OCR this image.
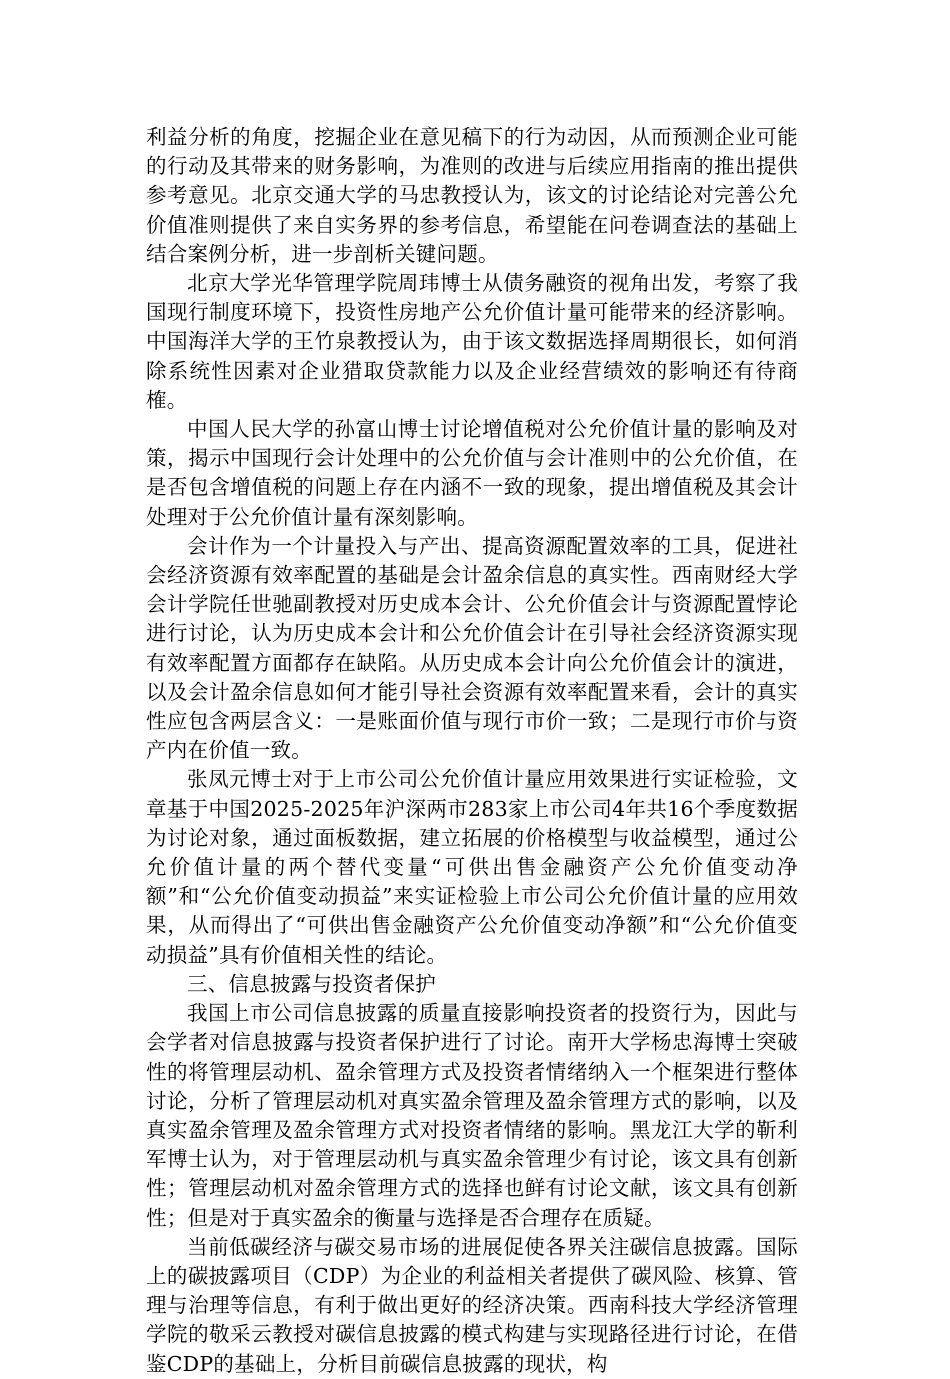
利益分析的角度，挖掘企业在意见稿下的行为动因，从而预测企业可能的行动及其带来的财务影响，为准则的改进与后续应用指南的推出提供参考意见。北京交通大学的马忠教授认为，该文的讨论结论对完善公允价值准则提供了来自实务界的参考信息，希望能在问卷调查法的基础上结合案例分析，进一步剖析关键问题。

北京大学光华管理学院周玮博士从债务融资的视角出发，考察了我国现行制度环境下，投资性房地产公允价值计量可能带来的经济影响。中国海洋大学的王竹泉教授认为，由于该文数据选择周期很长，如何消除系统性因素对企业猎取贷款能力以及企业经营绩效的影响还有待商榷。

中国人民大学的孙富山博士讨论增值税对公允价值计量的影响及对策，揭示中国现行会计处理中的公允价值与会计准则中的公允价值，在是否包含增值税的问题上存在内涵不一致的现象，提出增值税及其会计处理对于公允价值计量有深刻影响。

会计作为一个计量投入与产出、提高资源配置效率的工具，促进社会经济资源有效率配置的基础是会计盈余信息的真实性。西南财经大学会计学院任世驰副教授对历史成本会计、公允价值会计与资源配置悖论进行讨论，认为历史成本会计和公允价值会计在引导社会经济资源实现有效率配置方面都存在缺陷。从历史成本会计向公允价值会计的演进，以及会计盈余信息如何才能引导社会资源有效率配置来看，会计的真实性应包含两层含义：一是账面价值与现行市价一致；二是现行市价与资产内在价值一致。

张凤元博士对于上市公司公允价值计量应用效果进行实证检验，文章基于中国2025-2025年沪深两市283家上市公司4年共16个季度数据为讨论对象，通过面板数据，建立拓展的价格模型与收益模型，通过公允价值计量的两个替代变量“可供出售金融资产公允价值变动净额”和“公允价值变动损益”来实证检验上市公司公允价值计量的应用效果，从而得出了“可供出售金融资产公允价值变动净额”和“公允价值变动损益”具有价值相关性的结论。

三、信息披露与投资者保护

我国上市公司信息披露的质量直接影响投资者的投资行为，因此与会学者对信息披露与投资者保护进行了讨论。南开大学杨忠海博士突破性的将管理层动机、盈余管理方式及投资者情绪纳入一个框架进行整体讨论，分析了管理层动机对真实盈余管理及盈余管理方式的影响，以及真实盈余管理及盈余管理方式对投资者情绪的影响。黑龙江大学的靳利军博士认为，对于管理层动机与真实盈余管理少有讨论，该文具有创新性；管理层动机对盈余管理方式的选择也鲜有讨论文献，该文具有创新性；但是对于真实盈余的衡量与选择是否合理存在质疑。

当前低碳经济与碳交易市场的进展促使各界关注碳信息披露。国际上的碳披露项目（CDP）为企业的利益相关者提供了碳风险、核算、管理与治理等信息，有利于做出更好的经济决策。西南科技大学经济管理学院的敬采云教授对碳信息披露的模式构建与实现路径进行讨论，在借鉴CDP的基础上，分析目前碳信息披露的现状，构
